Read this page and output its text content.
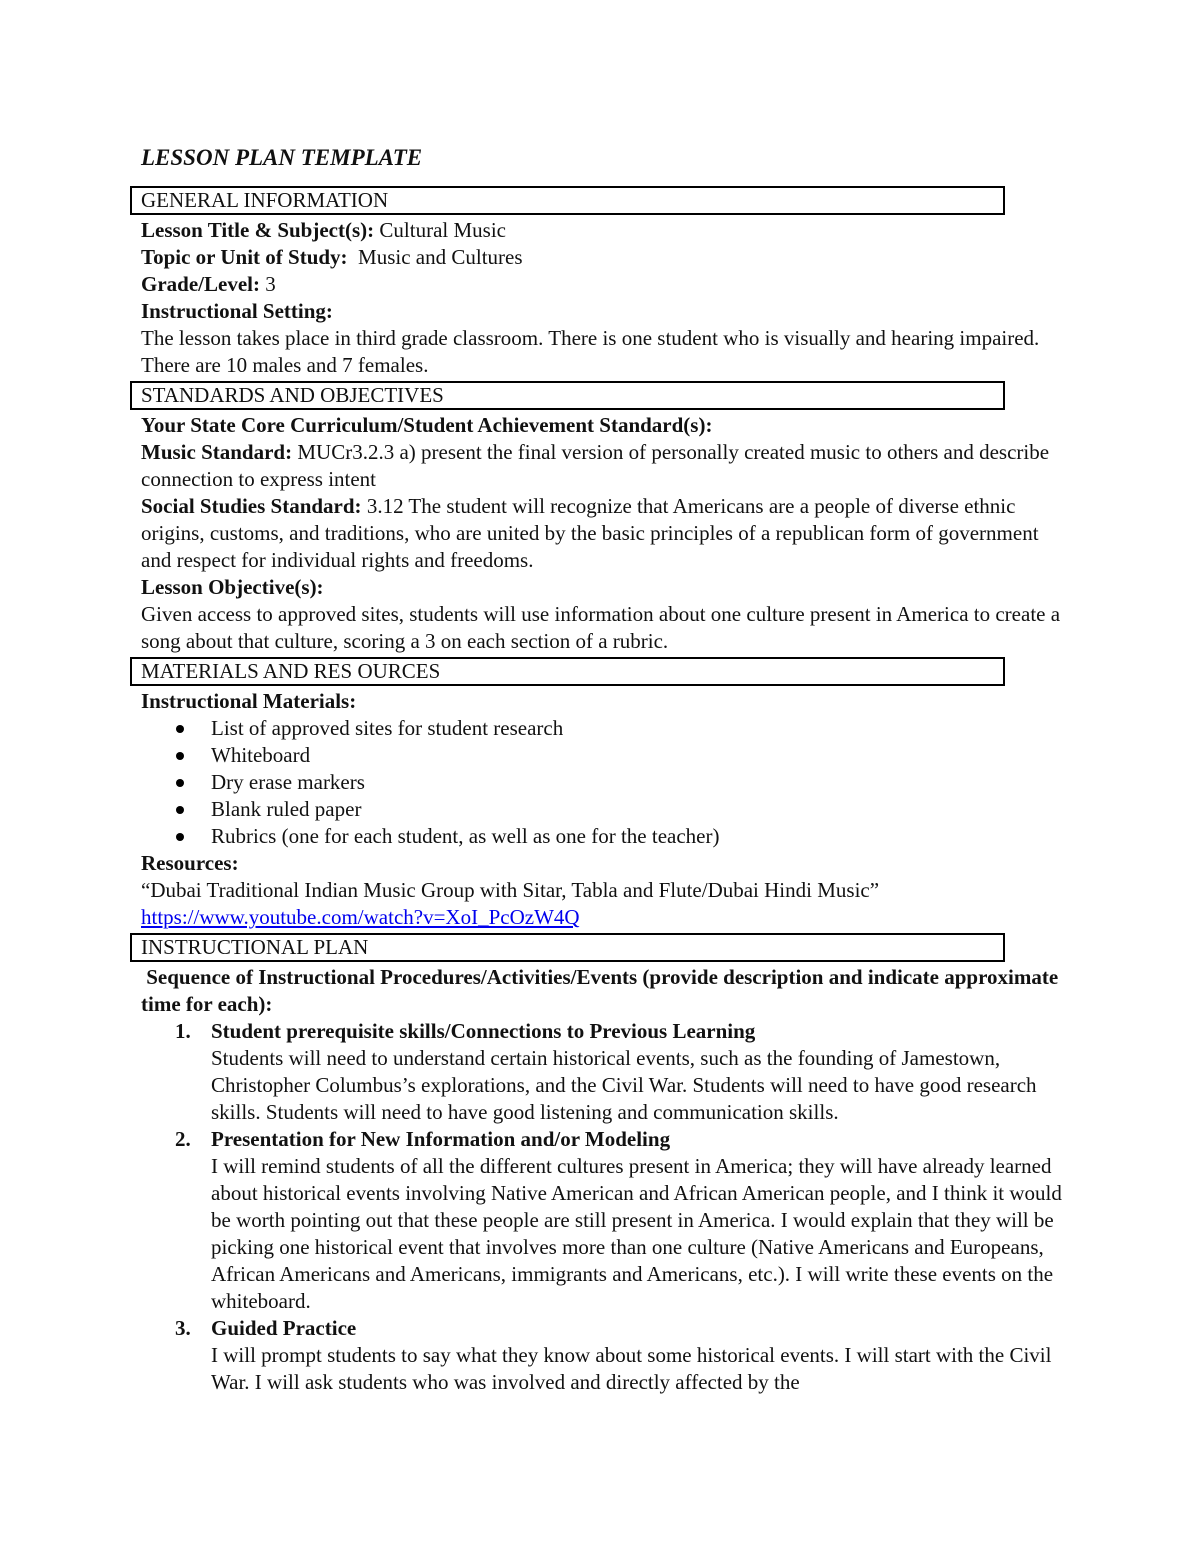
LESSON PLAN TEMPLATE
GENERAL INFORMATION

Lesson Title & Subject(s): Cultural Music

Topic or Unit of Study: Music and Cultures

Grade/Level: 3

Instructional Setting:

The lesson takes place in third grade classroom. There is one student who is visually and hearing impaired. There are 10 males and 7 females.

STANDARDS AND OBJECTIVES

Your State Core Curriculum/Student Achievement Standard(s):

Music Standard: MUCr3.2.3 a) present the final version of personally created music to others and describe connection to express intent

Social Studies Standard: 3.12 The student will recognize that Americans are a people of diverse ethnic origins, customs, and traditions, who are united by the basic principles of a republican form of government and respect for individual rights and freedoms.

Lesson Objective(s):

Given access to approved sites, students will use information about one culture present in America to create a song about that culture, scoring a 3 on each section of a rubric.

MATERIALS AND RES OURCES

Instructional Materials:

List of approved sites for student research
Whiteboard
Dry erase markers
Blank ruled paper
Rubrics (one for each student, as well as one for the teacher)

Resources:

“Dubai Traditional Indian Music Group with Sitar, Tabla and Flute/Dubai Hindi Music”

https://www.youtube.com/watch?v=XoI_PcOzW4Q

INSTRUCTIONAL PLAN

Sequence of Instructional Procedures/Activities/Events (provide description and indicate approximate time for each):

1. Student prerequisite skills/Connections to Previous Learning
Students will need to understand certain historical events, such as the founding of Jamestown, Christopher Columbus’s explorations, and the Civil War. Students will need to have good research skills. Students will need to have good listening and communication skills.
2. Presentation for New Information and/or Modeling
I will remind students of all the different cultures present in America; they will have already learned about historical events involving Native American and African American people, and I think it would be worth pointing out that these people are still present in America. I would explain that they will be picking one historical event that involves more than one culture (Native Americans and Europeans, African Americans and Americans, immigrants and Americans, etc.). I will write these events on the whiteboard.
3. Guided Practice
I will prompt students to say what they know about some historical events. I will start with the Civil War. I will ask students who was involved and directly affected by the
